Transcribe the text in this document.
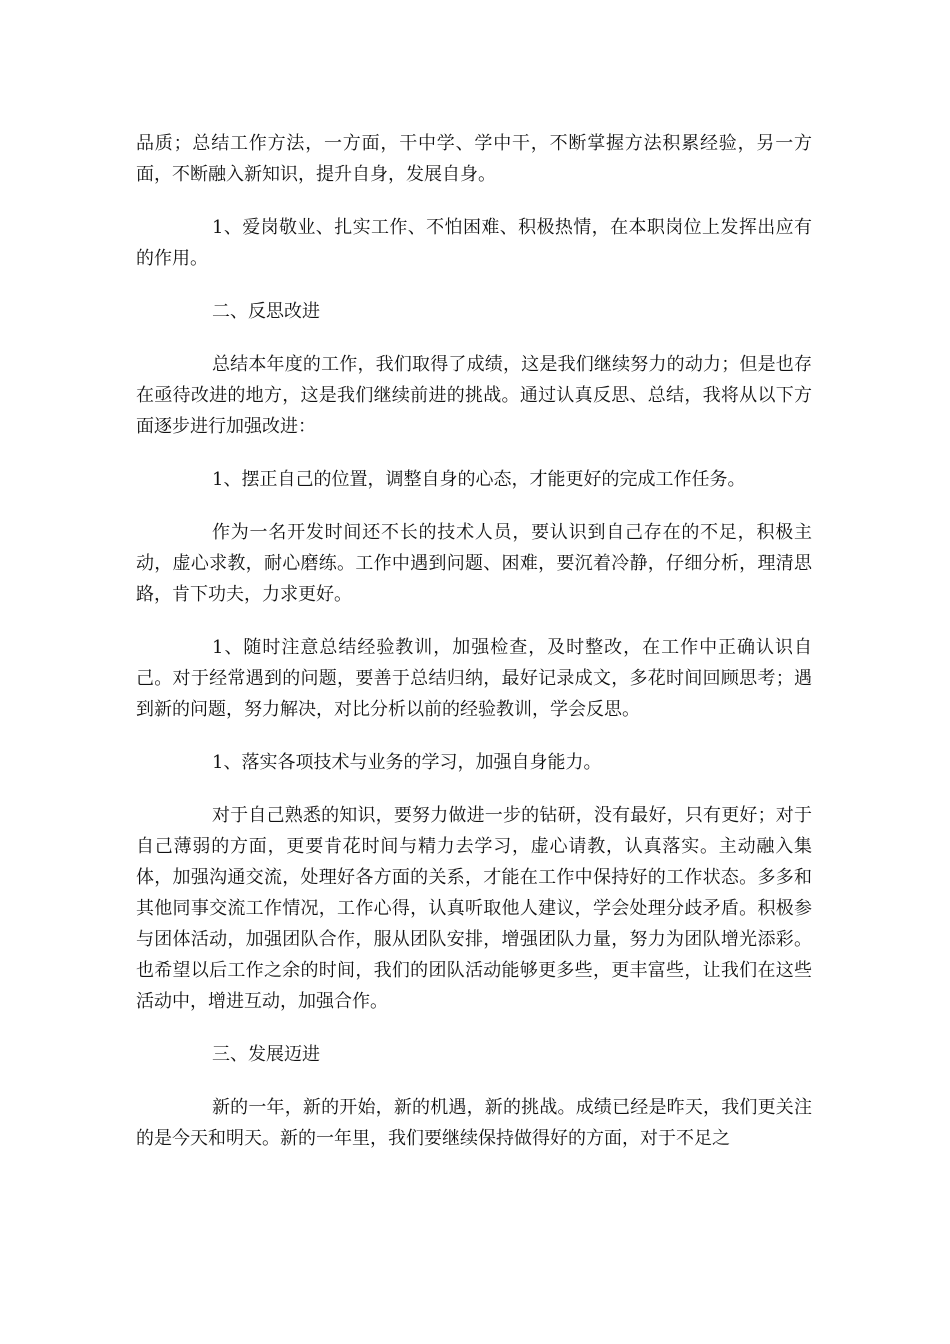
品质；总结工作方法，一方面，干中学、学中干，不断掌握方法积累经验，另一方面，不断融入新知识，提升自身，发展自身。

1、爱岗敬业、扎实工作、不怕困难、积极热情，在本职岗位上发挥出应有的作用。

二、反思改进

总结本年度的工作，我们取得了成绩，这是我们继续努力的动力；但是也存在亟待改进的地方，这是我们继续前进的挑战。通过认真反思、总结，我将从以下方面逐步进行加强改进：

1、摆正自己的位置，调整自身的心态，才能更好的完成工作任务。

作为一名开发时间还不长的技术人员，要认识到自己存在的不足，积极主动，虚心求教，耐心磨练。工作中遇到问题、困难，要沉着冷静，仔细分析，理清思路，肯下功夫，力求更好。

1、随时注意总结经验教训，加强检查，及时整改，在工作中正确认识自己。对于经常遇到的问题，要善于总结归纳，最好记录成文，多花时间回顾思考；遇到新的问题，努力解决，对比分析以前的经验教训，学会反思。

1、落实各项技术与业务的学习，加强自身能力。

对于自己熟悉的知识，要努力做进一步的钻研，没有最好，只有更好；对于自己薄弱的方面，更要肯花时间与精力去学习，虚心请教，认真落实。主动融入集体，加强沟通交流，处理好各方面的关系，才能在工作中保持好的工作状态。多多和其他同事交流工作情况，工作心得，认真听取他人建议，学会处理分歧矛盾。积极参与团体活动，加强团队合作，服从团队安排，增强团队力量，努力为团队增光添彩。也希望以后工作之余的时间，我们的团队活动能够更多些，更丰富些，让我们在这些活动中，增进互动，加强合作。

三、发展迈进

新的一年，新的开始，新的机遇，新的挑战。成绩已经是昨天，我们更关注的是今天和明天。新的一年里，我们要继续保持做得好的方面，对于不足之
